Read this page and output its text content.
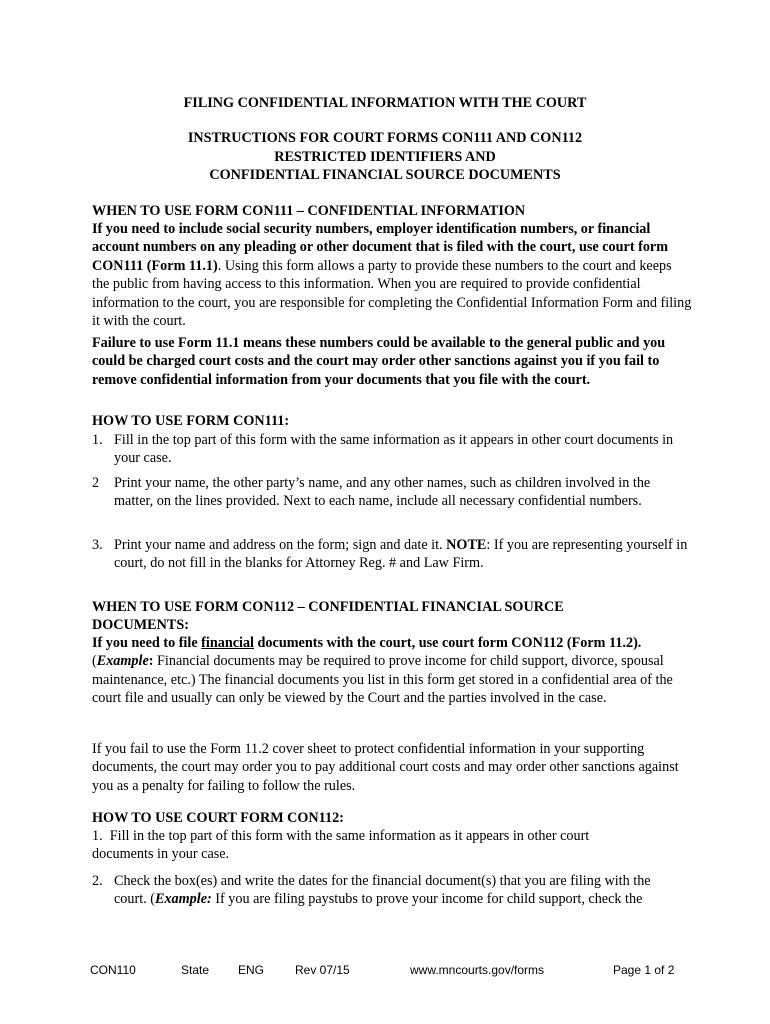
FILING CONFIDENTIAL INFORMATION WITH THE COURT
INSTRUCTIONS FOR COURT FORMS CON111 AND CON112
RESTRICTED IDENTIFIERS AND
CONFIDENTIAL FINANCIAL SOURCE DOCUMENTS
WHEN TO USE FORM CON111 – CONFIDENTIAL INFORMATION
If you need to include social security numbers, employer identification numbers, or financial account numbers on any pleading or other document that is filed with the court, use court form CON111 (Form 11.1). Using this form allows a party to provide these numbers to the court and keeps the public from having access to this information. When you are required to provide confidential information to the court, you are responsible for completing the Confidential Information Form and filing it with the court.
Failure to use Form 11.1 means these numbers could be available to the general public and you could be charged court costs and the court may order other sanctions against you if you fail to remove confidential information from your documents that you file with the court.
HOW TO USE FORM CON111:
1. Fill in the top part of this form with the same information as it appears in other court documents in your case.
2 Print your name, the other party’s name, and any other names, such as children involved in the matter, on the lines provided. Next to each name, include all necessary confidential numbers.
3. Print your name and address on the form; sign and date it. NOTE: If you are representing yourself in court, do not fill in the blanks for Attorney Reg. # and Law Firm.
WHEN TO USE FORM CON112 – CONFIDENTIAL FINANCIAL SOURCE
DOCUMENTS:
If you need to file financial documents with the court, use court form CON112 (Form 11.2).
(Example: Financial documents may be required to prove income for child support, divorce, spousal maintenance, etc.) The financial documents you list in this form get stored in a confidential area of the court file and usually can only be viewed by the Court and the parties involved in the case.
If you fail to use the Form 11.2 cover sheet to protect confidential information in your supporting documents, the court may order you to pay additional court costs and may order other sanctions against you as a penalty for failing to follow the rules.
HOW TO USE COURT FORM CON112:
1. Fill in the top part of this form with the same information as it appears in other court
documents in your case.
2. Check the box(es) and write the dates for the financial document(s) that you are filing with the
court. (Example: If you are filing paystubs to prove your income for child support, check the
CON110	State ENG	Rev 07/15	www.mncourts.gov/forms	Page 1 of 2
